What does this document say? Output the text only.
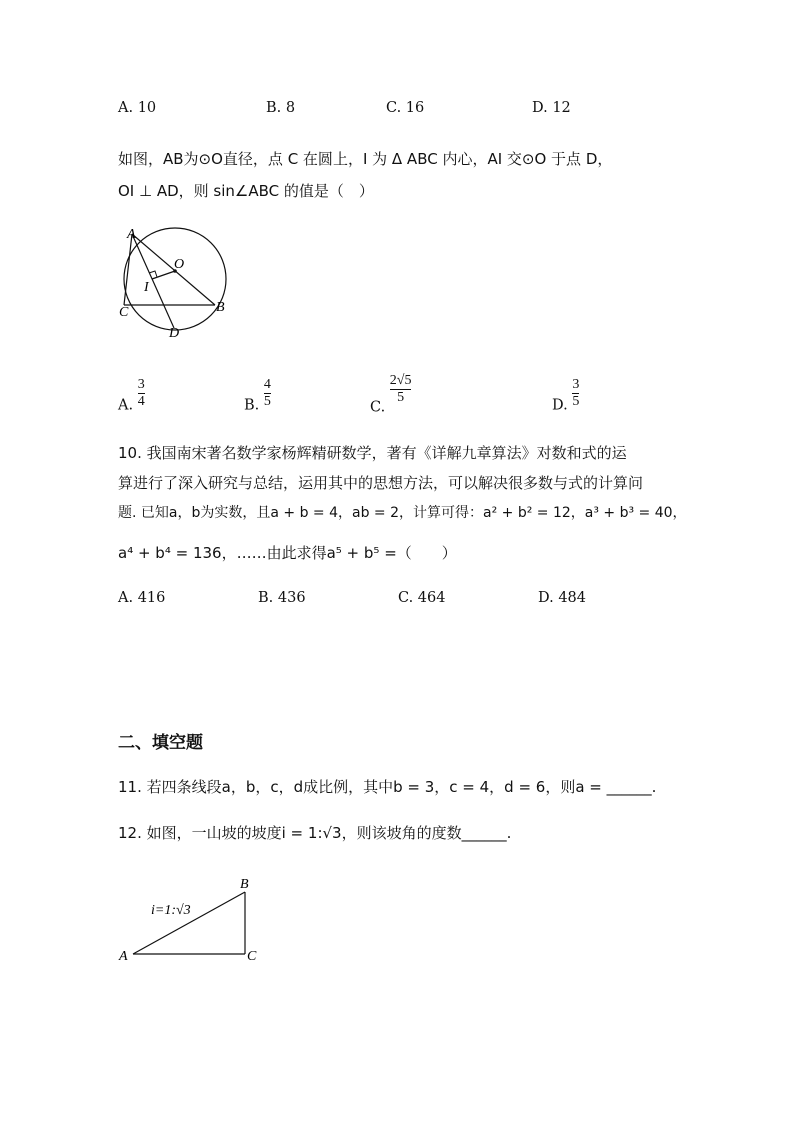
A. 10	B. 8	C. 16	D. 12
如图，AB为⊙O直径，点 C 在圆上，I 为 Δ ABC 内心，AI 交⊙O 于点 D，
OI ⊥ AD，则 sin∠ABC 的值是（　）
A
O
I
C	B
D
A. $\frac{3}{4}$	B. $\frac{4}{5}$	C.
$\frac{2√5}{5}$
D. $\frac{3}{5}$
10. 我国南宋著名数学家杨辉精研数学，著有《详解九章算法》对数和式的运
算进行了深入研究与总结，运用其中的思想方法，可以解决很多数与式的计算问
题. 已知a，b为实数，且a + b = 4，ab = 2，计算可得：a² + b² = 12，a³ + b³ = 40，
a⁴ + b⁴ = 136，……由此求得a⁵ + b⁵ =（　　）
A. 416	B. 436	C. 464	D. 484
二、填空题
11. 若四条线段a，b，c，d成比例，其中b = 3，c = 4，d = 6，则a = ______.
12. 如图，一山坡的坡度i = 1:√3，则该坡角的度数______.
i=1:√3
A
B
C
